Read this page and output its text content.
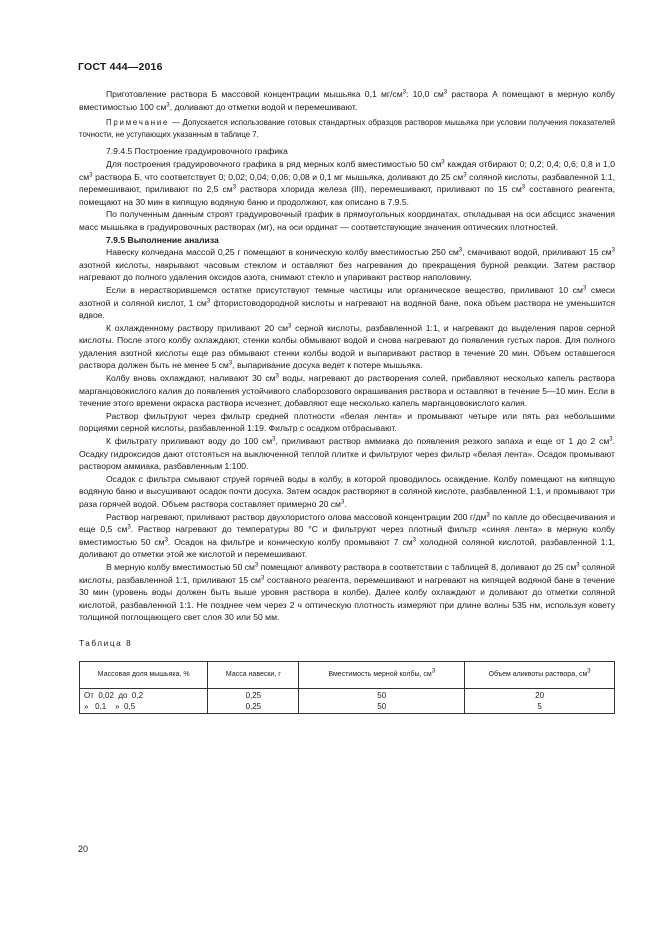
ГОСТ 444—2016

Приготовление раствора Б массовой концентрации мышьяка 0,1 $мг/см^3$: 10,0 $см^3$ раствора А помещают в мерную колбу вместимостью 100 $см^3$, доливают до отметки водой и перемешивают.

Примечание — Допускается использование готовых стандартных образцов растворов мышьяка при условии получения показателей точности, не уступающих указанным в таблице 7.

7.9.4.5 Построение градуировочного графика

Для построения градуировочного графика в ряд мерных колб вместимостью 50 $см^3$ каждая отбирают 0; 0,2; 0,4; 0,6; 0,8 и 1,0 $см^3$ раствора Б, что соответствует 0; 0,02; 0,04; 0,06; 0,08 и 0,1 мг мышьяка, доливают до 25 $см^3$ соляной кислоты, разбавленной 1:1, перемешивают, приливают по 2,5 $см^3$ раствора хлорида железа (III), перемешивают, приливают по 15 $см^3$ составного реагента, помещают на 30 мин в кипящую водяную баню и продолжают, как описано в 7.9.5.

По полученным данным строят градуировочный график в прямоугольных координатах, откладывая на оси абсцисс значения масс мышьяка в градуировочных растворах (мг), на оси ординат — соответствующие значения оптических плотностей.

7.9.5 Выполнение анализа

Навеску колчедана массой 0,25 г помещают в коническую колбу вместимостью 250 $см^3$, смачивают водой, приливают 15 $см^3$ азотной кислоты, накрывают часовым стеклом и оставляют без нагревания до прекращения бурной реакции. Затем раствор нагревают до полного удаления оксидов азота, снимают стекло и упаривают раствор наполовину.

Если в нерастворившемся остатке присутствуют темные частицы или органическое вещество, приливают 10 $см^3$ смеси азотной и соляной кислот, 1 $см^3$ фтористоводородной кислоты и нагревают на водяной бане, пока объем раствора не уменьшится вдвое.

К охлажденному раствору приливают 20 $см^3$ серной кислоты, разбавленной 1:1, и нагревают до выделения паров серной кислоты. После этого колбу охлаждают, стенки колбы обмывают водой и снова нагревают до появления густых паров. Для полного удаления азотной кислоты еще раз обмывают стенки колбы водой и выпаривают раствор в течение 20 мин. Объем оставшегося раствора должен быть не менее 5 $см^3$, выпаривание досуха ведет к потере мышьяка.

Колбу вновь охлаждают, наливают 30 $см^3$ воды, нагревают до растворения солей, прибавляют несколько капель раствора марганцовокислого калия до появления устойчивого слаборозового окрашивания раствора и оставляют в течение 5—10 мин. Если в течение этого времени окраска раствора исчезнет, добавляют еще несколько капель марганцовокислого калия.

Раствор фильтруют через фильтр средней плотности «белая лента» и промывают четыре или пять раз небольшими порциями серной кислоты, разбавленной 1:19. Фильтр с осадком отбрасывают.

К фильтрату приливают воду до 100 $см^3$, приливают раствор аммиака до появления резкого запаха и еще от 1 до 2 $см^3$. Осадку гидроксидов дают отстояться на выключенной теплой плитке и фильтруют через фильтр «белая лента». Осадок промывают раствором аммиака, разбавленным 1:100.

Осадок с фильтра смывают струей горячей воды в колбу, в которой проводилось осаждение. Колбу помещают на кипящую водяную баню и высушивают осадок почти досуха. Затем осадок растворяют в соляной кислоте, разбавленной 1:1, и промывают три раза горячей водой. Объем раствора составляет примерно 20 $см^3$.

Раствор нагревают, приливают раствор двухлористого олова массовой концентрации 200 $г/дм^3$ по капле до обесцвечивания и еще 0,5 $см^3$. Раствор нагревают до температуры 80 °С и фильтруют через плотный фильтр «синяя лента» в мерную колбу вместимостью 50 $см^3$. Осадок на фильтре и коническую колбу промывают 7 $см^3$ холодной соляной кислотой, разбавленной 1:1, доливают до отметки этой же кислотой и перемешивают.

В мерную колбу вместимостью 50 $см^3$ помещают аликвоту раствора в соответствии с таблицей 8, доливают до 25 $см^3$ соляной кислоты, разбавленной 1:1, приливают 15 $см^3$ составного реагента, перемешивают и нагревают на кипящей водяной бане в течение 30 мин (уровень воды должен быть выше уровня раствора в колбе). Далее колбу охлаждают и доливают до отметки соляной кислотой, разбавленной 1:1. Не позднее чем через 2 ч оптическую плотность измеряют при длине волны 535 нм, используя ковету толщиной поглощающего свет слоя 30 или 50 мм.

Таблица 8

Массовая доля мышьяка, %	Масса навески, г	Вместимость мерной колбы, $см^3$	Объем аликвоты раствора, $см^3$
От  0,02  до  0,2	0,25	50	20
»   0,1    »  0,5	0,25	50	5
20
